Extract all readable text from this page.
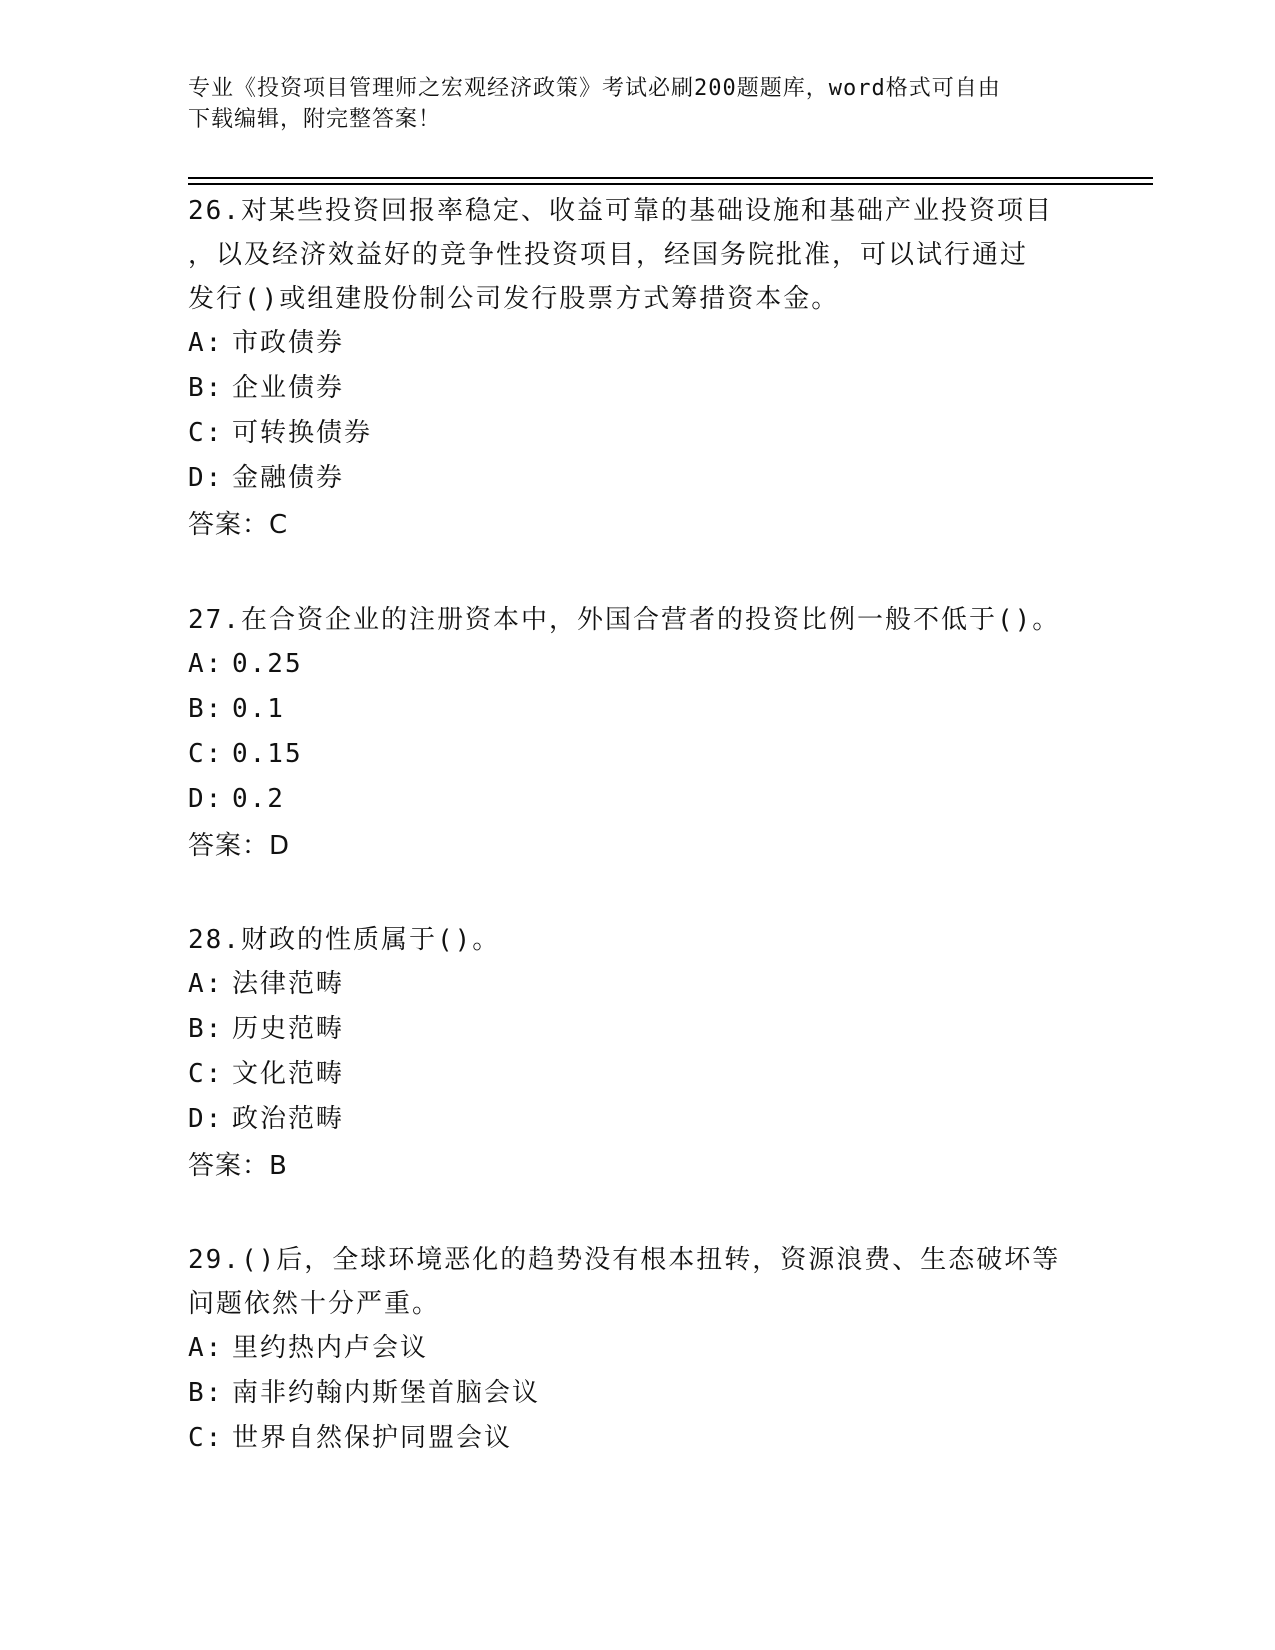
专业《投资项目管理师之宏观经济政策》考试必刷200题题库，word格式可自由
下载编辑，附完整答案！
26.对某些投资回报率稳定、收益可靠的基础设施和基础产业投资项目
，以及经济效益好的竞争性投资项目，经国务院批准，可以试行通过
发行()或组建股份制公司发行股票方式筹措资本金。
A: 市政债券
B: 企业债券
C: 可转换债券
D: 金融债券
答案：C
27.在合资企业的注册资本中，外国合营者的投资比例一般不低于()。
A: 0.25
B: 0.1
C: 0.15
D: 0.2
答案：D
28.财政的性质属于()。
A: 法律范畴
B: 历史范畴
C: 文化范畴
D: 政治范畴
答案：B
29.()后，全球环境恶化的趋势没有根本扭转，资源浪费、生态破坏等
问题依然十分严重。
A: 里约热内卢会议
B: 南非约翰内斯堡首脑会议
C: 世界自然保护同盟会议
